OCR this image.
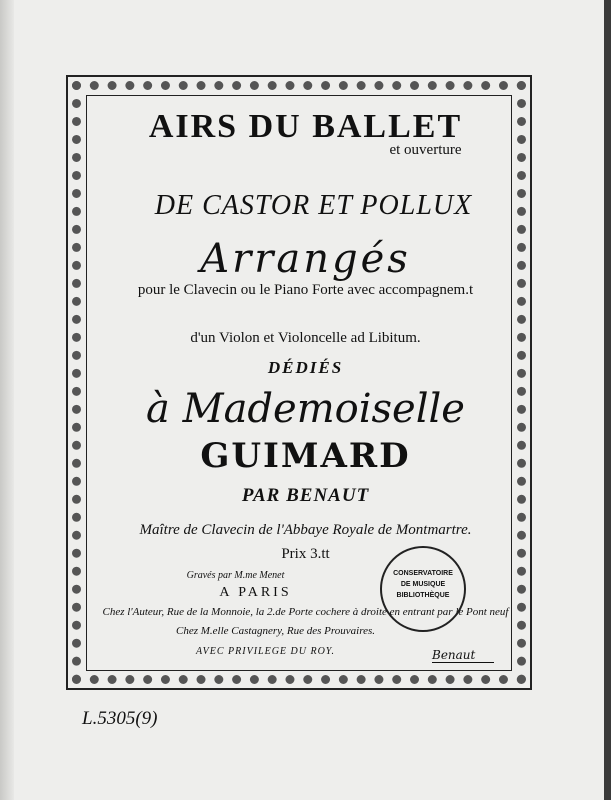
AIRS DU BALLET
et ouverture
DE CASTOR ET POLLUX
Arrangés
pour le Clavecin ou le Piano Forte avec accompagnem.t
d'un Violon et Violoncelle ad Libitum.
DÉDIÉS
à Mademoiselle
GUIMARD
PAR BENAUT
Maître de Clavecin de l'Abbaye Royale de Montmartre.
Prix 3.tt
Gravés par M.me Menet
A PARIS
Chez l'Auteur, Rue de la Monnoie, la 2.de Porte cochere à droite en entrant par le Pont neuf
Chez M.elle Castagnery, Rue des Prouvaires.
AVEC PRIVILEGE DU ROY.
CONSERVATOIRE
DE MUSIQUE
BIBLIOTHÈQUE
Benaut
L.5305(9)
